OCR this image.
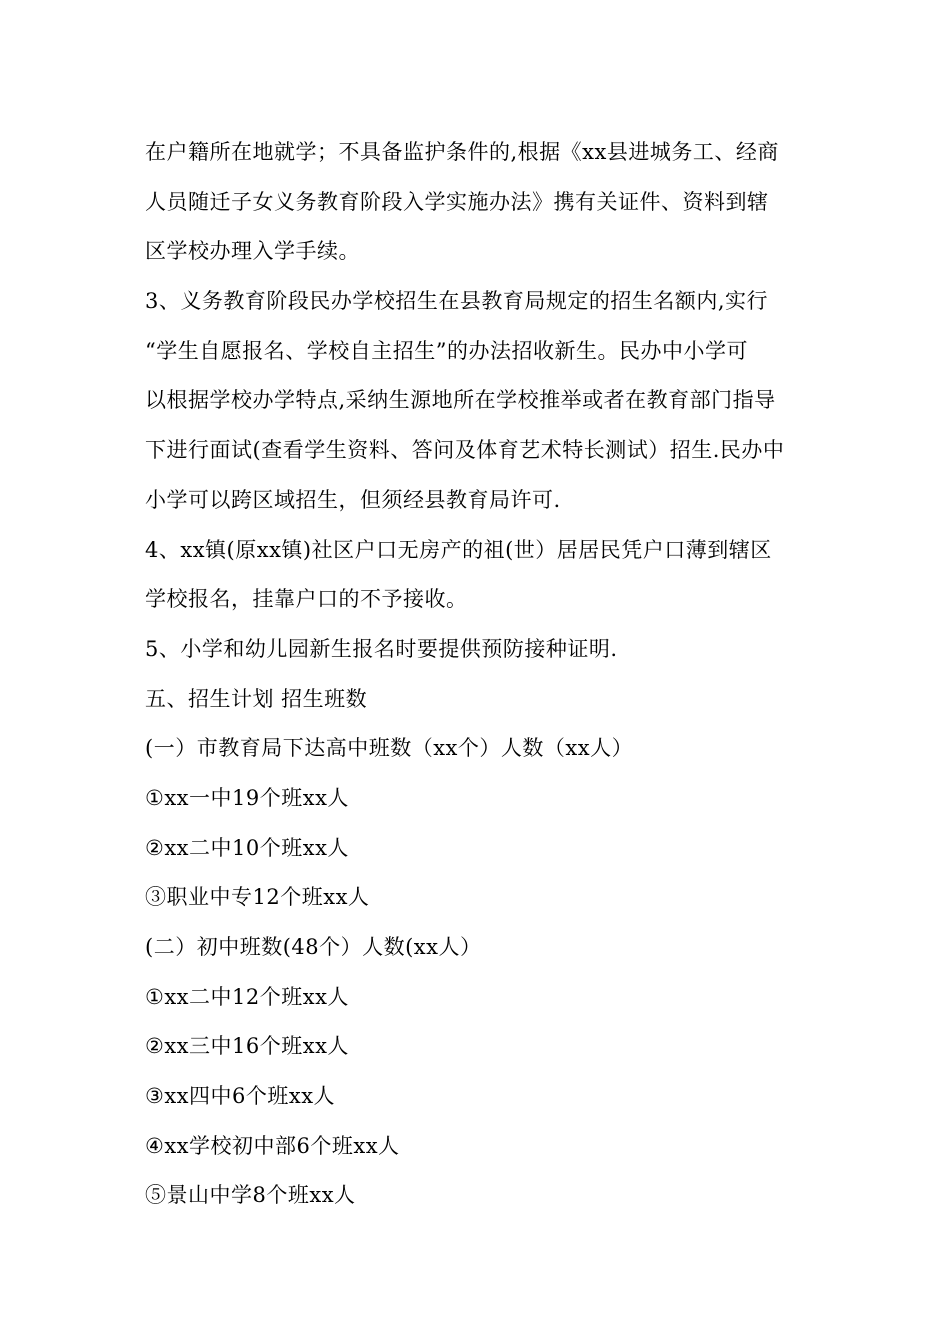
在户籍所在地就学；不具备监护条件的,根据《xx县进城务工、经商
人员随迁子女义务教育阶段入学实施办法》携有关证件、资料到辖
区学校办理入学手续。
3、义务教育阶段民办学校招生在县教育局规定的招生名额内,实行
“学生自愿报名、学校自主招生”的办法招收新生。民办中小学可
以根据学校办学特点,采纳生源地所在学校推举或者在教育部门指导
下进行面试(查看学生资料、答问及体育艺术特长测试）招生.民办中
小学可以跨区域招生，但须经县教育局许可.
4、xx镇(原xx镇)社区户口无房产的祖(世）居居民凭户口薄到辖区
学校报名，挂靠户口的不予接收。
5、小学和幼儿园新生报名时要提供预防接种证明.
五、招生计划 招生班数
(一）市教育局下达高中班数（xx个）人数（xx人）
①xx一中19个班xx人
②xx二中10个班xx人
③职业中专12个班xx人
(二）初中班数(48个）人数(xx人）
①xx二中12个班xx人
②xx三中16个班xx人
③xx四中6个班xx人
④xx学校初中部6个班xx人
⑤景山中学8个班xx人
